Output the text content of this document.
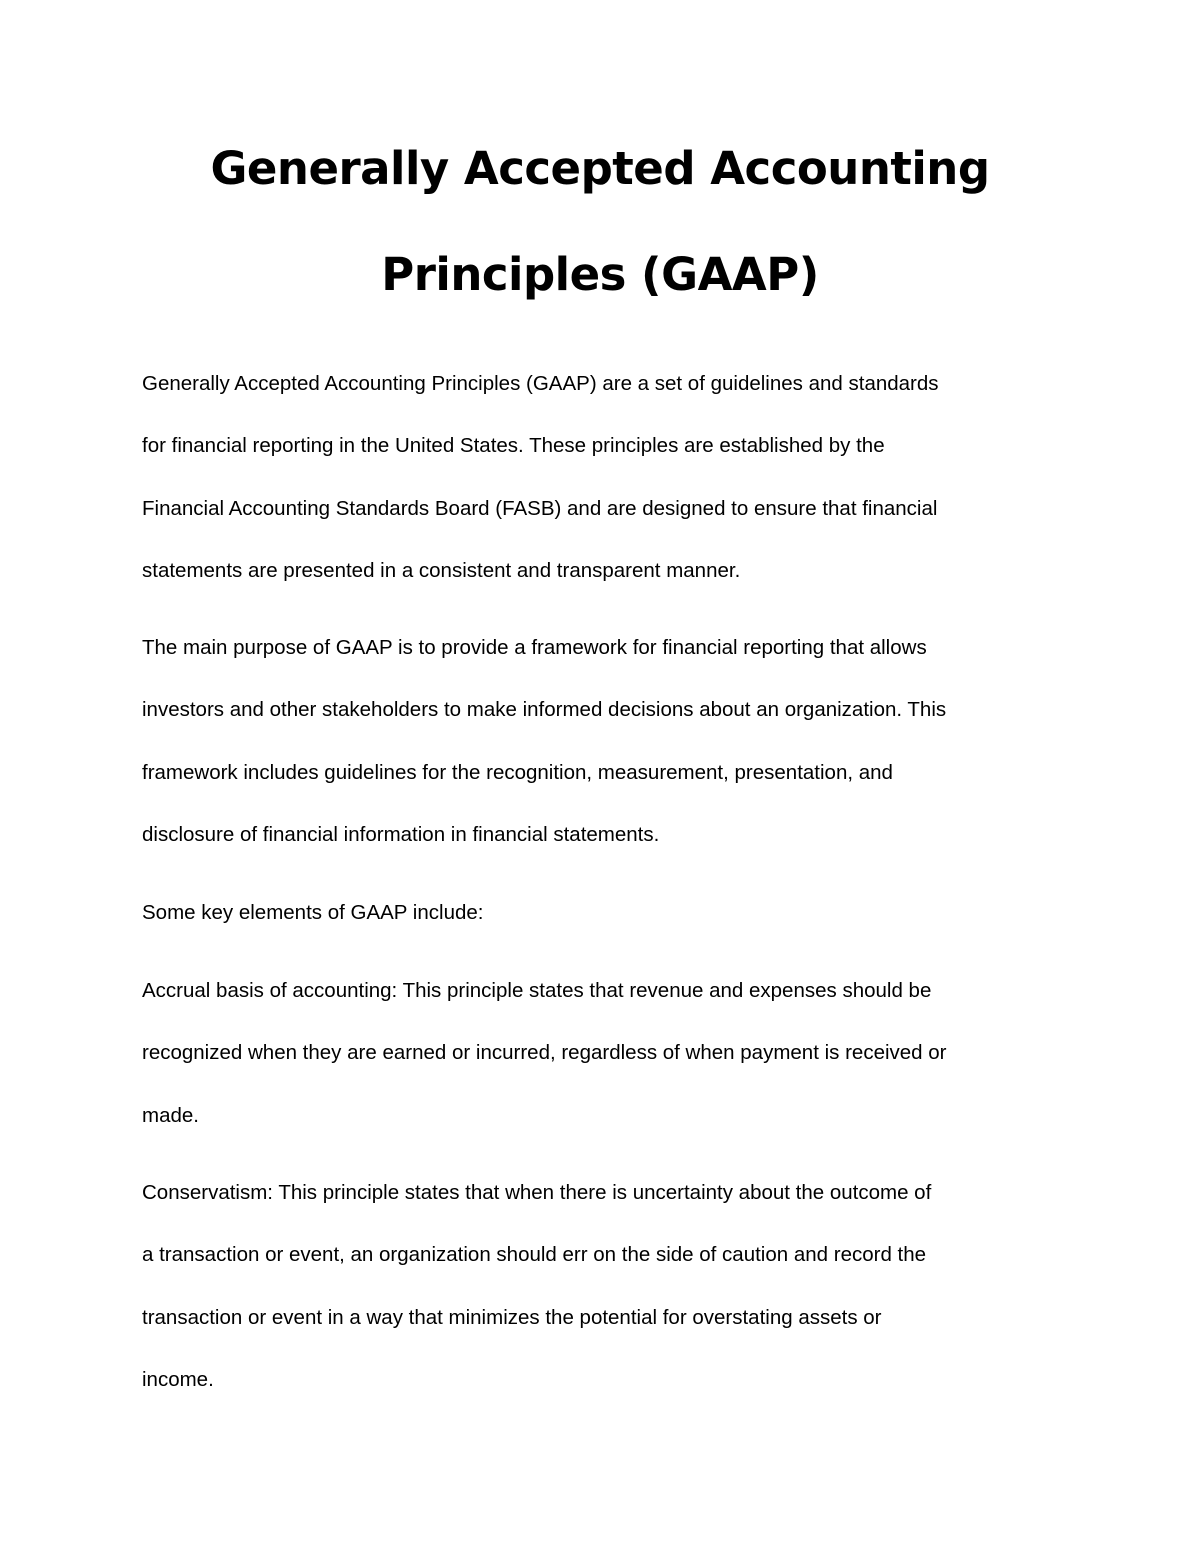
Generally Accepted Accounting
Principles (GAAP)

Generally Accepted Accounting Principles (GAAP) are a set of guidelines and standards
for financial reporting in the United States. These principles are established by the
Financial Accounting Standards Board (FASB) and are designed to ensure that financial
statements are presented in a consistent and transparent manner.

The main purpose of GAAP is to provide a framework for financial reporting that allows
investors and other stakeholders to make informed decisions about an organization. This
framework includes guidelines for the recognition, measurement, presentation, and
disclosure of financial information in financial statements.

Some key elements of GAAP include:

Accrual basis of accounting: This principle states that revenue and expenses should be
recognized when they are earned or incurred, regardless of when payment is received or
made.

Conservatism: This principle states that when there is uncertainty about the outcome of
a transaction or event, an organization should err on the side of caution and record the
transaction or event in a way that minimizes the potential for overstating assets or
income.
